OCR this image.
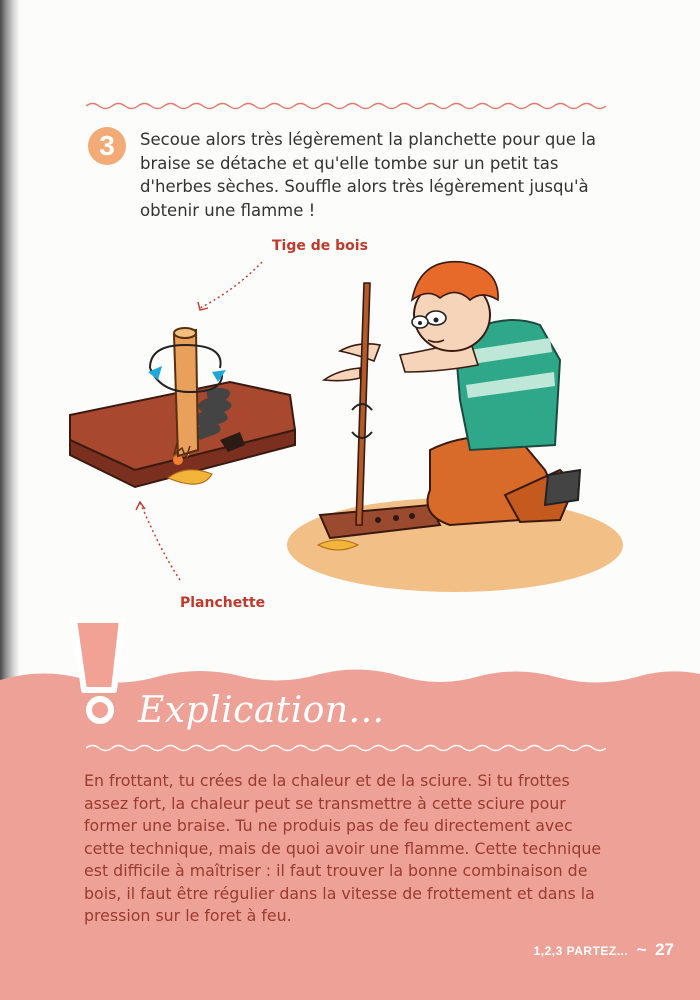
3	Secoue alors très légèrement la planchette pour que la braise se détache et qu'elle tombe sur un petit tas d'herbes sèches. Souffle alors très légèrement jusqu'à obtenir une flamme !

Tige de bois
Planchette
Explication...

En frottant, tu crées de la chaleur et de la sciure. Si tu frottes assez fort, la chaleur peut se transmettre à cette sciure pour former une braise. Tu ne produis pas de feu directement avec cette technique, mais de quoi avoir une flamme. Cette technique est difficile à maîtriser : il faut trouver la bonne combinaison de bois, il faut être régulier dans la vitesse de frottement et dans la pression sur le foret à feu.

1,2,3 PARTEZ... ~ 27
